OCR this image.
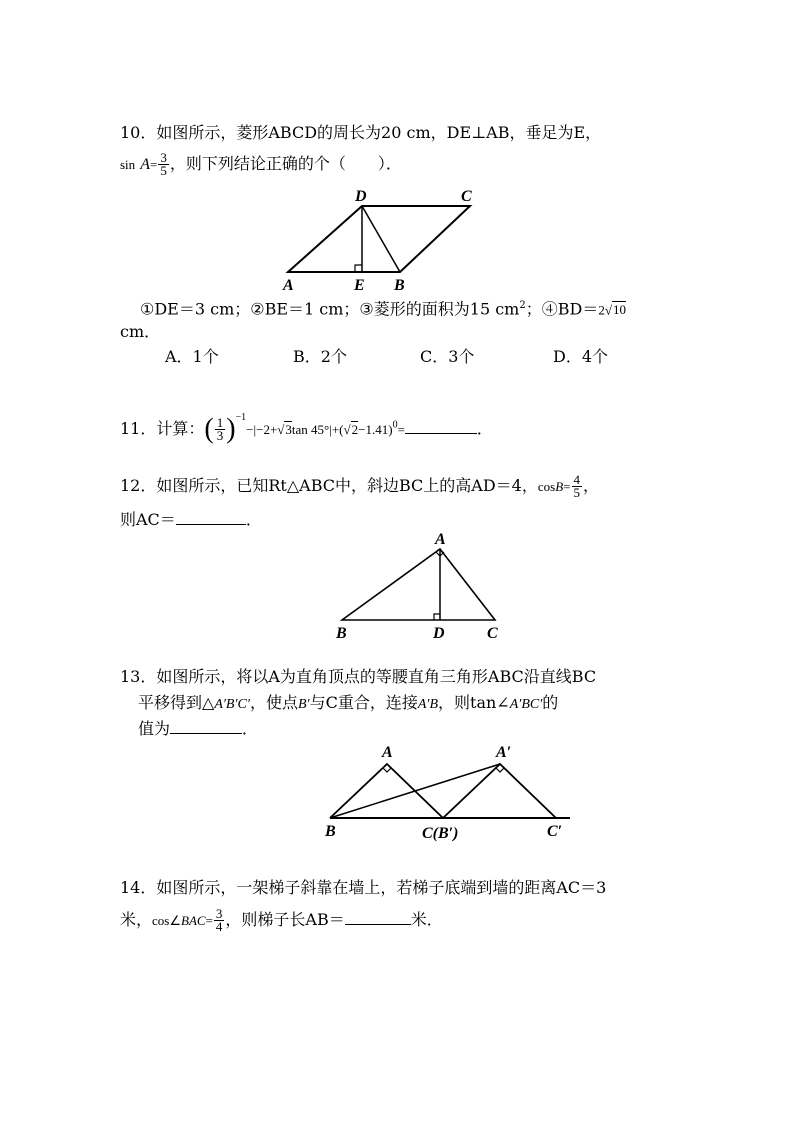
10．如图所示，菱形ABCD的周长为20 cm，DE⊥AB，垂足为E，
$\sin A= \frac{3}{5}$ ，则下列结论正确的个（　　）．
D	C
A	E B
①DE＝3 cm；②BE＝1 cm；③菱形的面积为15 $cm^2$；④BD＝2√10
cm．
A．1个	B．2个	C．3个	D．4个
11．计算：( $\frac{1}{3} )^{-1}-|-2+√3\tan$ $45^\circ|+(√2-1.41)^0=$	．
12．如图所示，已知Rt△ABC中，斜边BC上的高AD＝4，$\cos B= \frac{4}{5}$ ，
则AC＝	．
A
B	D	C
13．如图所示，将以A为直角顶点的等腰直角三角形ABC沿直线BC
平移得到△A′B′C′，使点B′与C重合，连接A′B，则tan∠A′BC′的
值为	．
A	A′
B	C(B′)	C′
14．如图所示，一架梯子斜靠在墙上，若梯子底端到墙的距离AC＝3
米，cos∠BAC= $\frac{3}{4}$ ，则梯子长AB＝	米．
